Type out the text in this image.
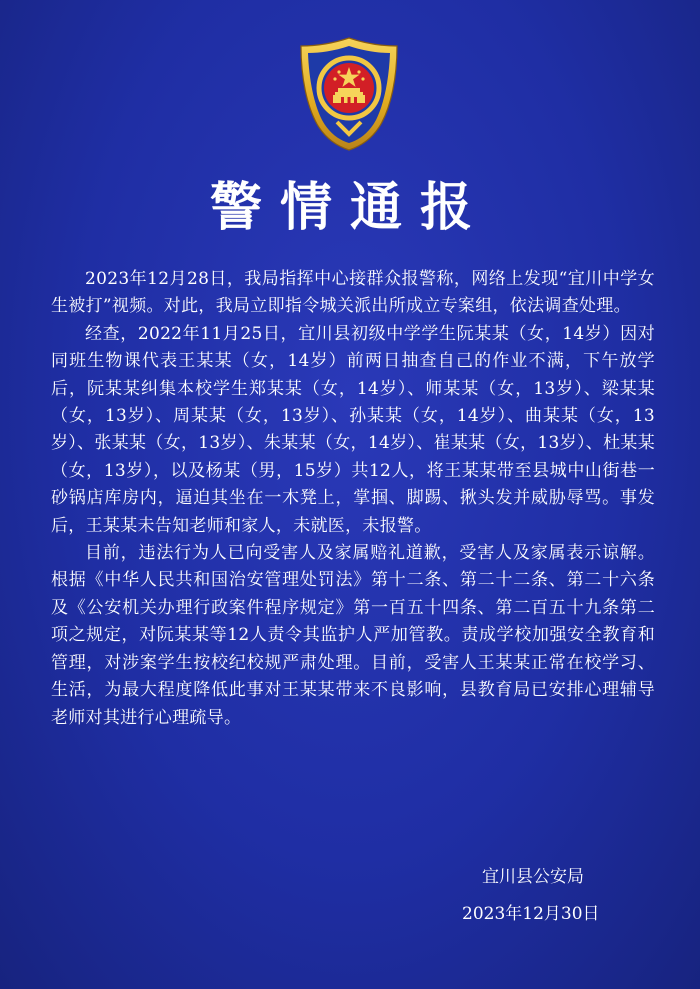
警情通报

2023年12月28日，我局指挥中心接群众报警称，网络上发现“宜川中学女生被打”视频。对此，我局立即指令城关派出所成立专案组，依法调查处理。

经查，2022年11月25日，宜川县初级中学学生阮某某（女，14岁）因对同班生物课代表王某某（女，14岁）前两日抽查自己的作业不满，下午放学后，阮某某纠集本校学生郑某某（女，14岁）、师某某（女，13岁）、梁某某（女，13岁）、周某某（女，13岁）、孙某某（女，14岁）、曲某某（女，13岁）、张某某（女，13岁）、朱某某（女，14岁）、崔某某（女，13岁）、杜某某（女，13岁），以及杨某（男，15岁）共12人，将王某某带至县城中山街巷一砂锅店库房内，逼迫其坐在一木凳上，掌掴、脚踢、揪头发并威胁辱骂。事发后，王某某未告知老师和家人，未就医，未报警。

目前，违法行为人已向受害人及家属赔礼道歉，受害人及家属表示谅解。根据《中华人民共和国治安管理处罚法》第十二条、第二十二条、第二十六条及《公安机关办理行政案件程序规定》第一百五十四条、第二百五十九条第二项之规定，对阮某某等12人责令其监护人严加管教。责成学校加强安全教育和管理，对涉案学生按校纪校规严肃处理。目前，受害人王某某正常在校学习、生活，为最大程度降低此事对王某某带来不良影响，县教育局已安排心理辅导老师对其进行心理疏导。

宜川县公安局
2023年12月30日
